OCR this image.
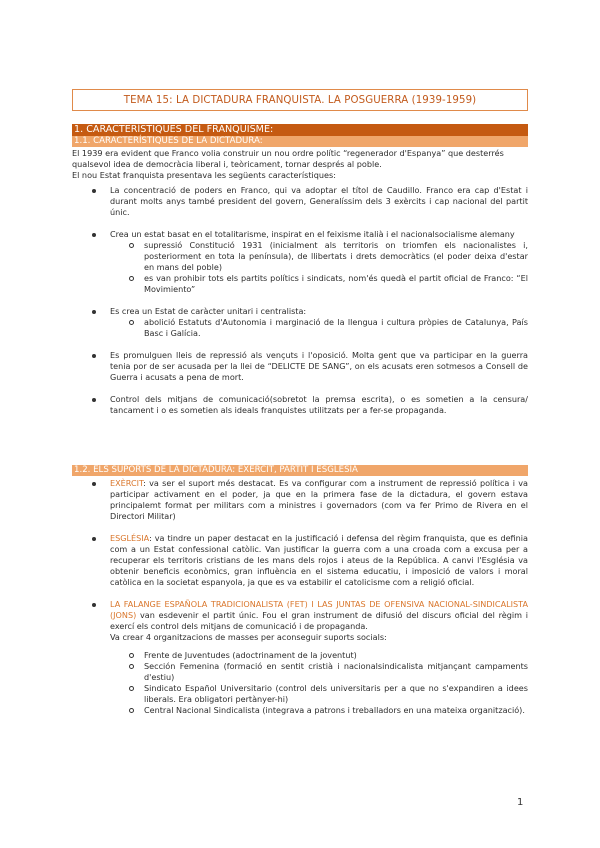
TEMA 15: LA DICTADURA FRANQUISTA. LA POSGUERRA (1939-1959)
1. CARACTERÍSTIQUES DEL FRANQUISME:
1.1. CARACTERÍSTIQUES DE LA DICTADURA:

El 1939 era evident que Franco volia construir un nou ordre polític “regenerador d'Espanya” que desterrés qualsevol idea de democràcia liberal i, teòricament, tornar després al poble.

El nou Estat franquista presentava les següents característiques:

La concentració de poders en Franco, qui va adoptar el títol de Caudillo. Franco era cap d'Estat i durant molts anys també president del govern, Generalíssim dels 3 exèrcits i cap nacional del partit únic.
Crea un estat basat en el totalitarisme, inspirat en el feixisme italià i el nacionalsocialisme alemany
supressió Constitució 1931 (inicialment als territoris on triomfen els nacionalistes i, posteriorment en tota la península), de llibertats i drets democràtics (el poder deixa d'estar en mans del poble)
es van prohibir tots els partits polítics i sindicats, nom'és quedà el partit oficial de Franco: “El Movimiento”
Es crea un Estat de caràcter unitari i centralista:
abolició Estatuts d'Autonomia i marginació de la llengua i cultura pròpies de Catalunya, País Basc i Galícia.
Es promulguen lleis de repressió als vençuts i l'oposició. Molta gent que va participar en la guerra tenia por de ser acusada per la llei de “DELICTE DE SANG”, on els acusats eren sotmesos a Consell de Guerra i acusats a pena de mort.
Control dels mitjans de comunicació(sobretot la premsa escrita), o es sometien a la censura/ tancament i o es sometien als ideals franquistes utilitzats per a fer-se propaganda.
1.2. ELS SUPORTS DE LA DICTADURA: EXÈRCIT, PARTIT I ESGLÉSIA
EXÈRCIT: va ser el suport més destacat. Es va configurar com a instrument de repressió política i va participar activament en el poder, ja que en la primera fase de la dictadura, el govern estava principalemt format per militars com a ministres i governadors (com va fer Primo de Rivera en el Directori Militar)
ESGLÉSIA: va tindre un paper destacat en la justificació i defensa del règim franquista, que es definia com a un Estat confessional catòlic. Van justificar la guerra com a una croada com a excusa per a recuperar els territoris cristians de les mans dels rojos i ateus de la República. A canvi l'Església va obtenir beneficis econòmics, gran influència en el sistema educatiu, i imposició de valors i moral catòlica en la societat espanyola, ja que es va estabilir el catolicisme com a religió oficial.
LA FALANGE ESPAÑOLA TRADICIONALISTA (FET) I LAS JUNTAS DE OFENSIVA NACIONAL-SINDICALISTA (JONS) van esdevenir el partit únic. Fou el gran instrument de difusió del discurs oficial del règim i exercí els control dels mitjans de comunicació i de propaganda.

Va crear 4 organitzacions de masses per aconseguir suports socials:

Frente de Juventudes (adoctrinament de la joventut)
Sección Femenina (formació en sentit cristià i nacionalsindicalista mitjançant campaments d'estiu)
Sindicato Español Universitario (control dels universitaris per a que no s'expandiren a idees liberals. Era obligatori pertànyer-hi)
Central Nacional Sindicalista (integrava a patrons i treballadors en una mateixa organització).
1
